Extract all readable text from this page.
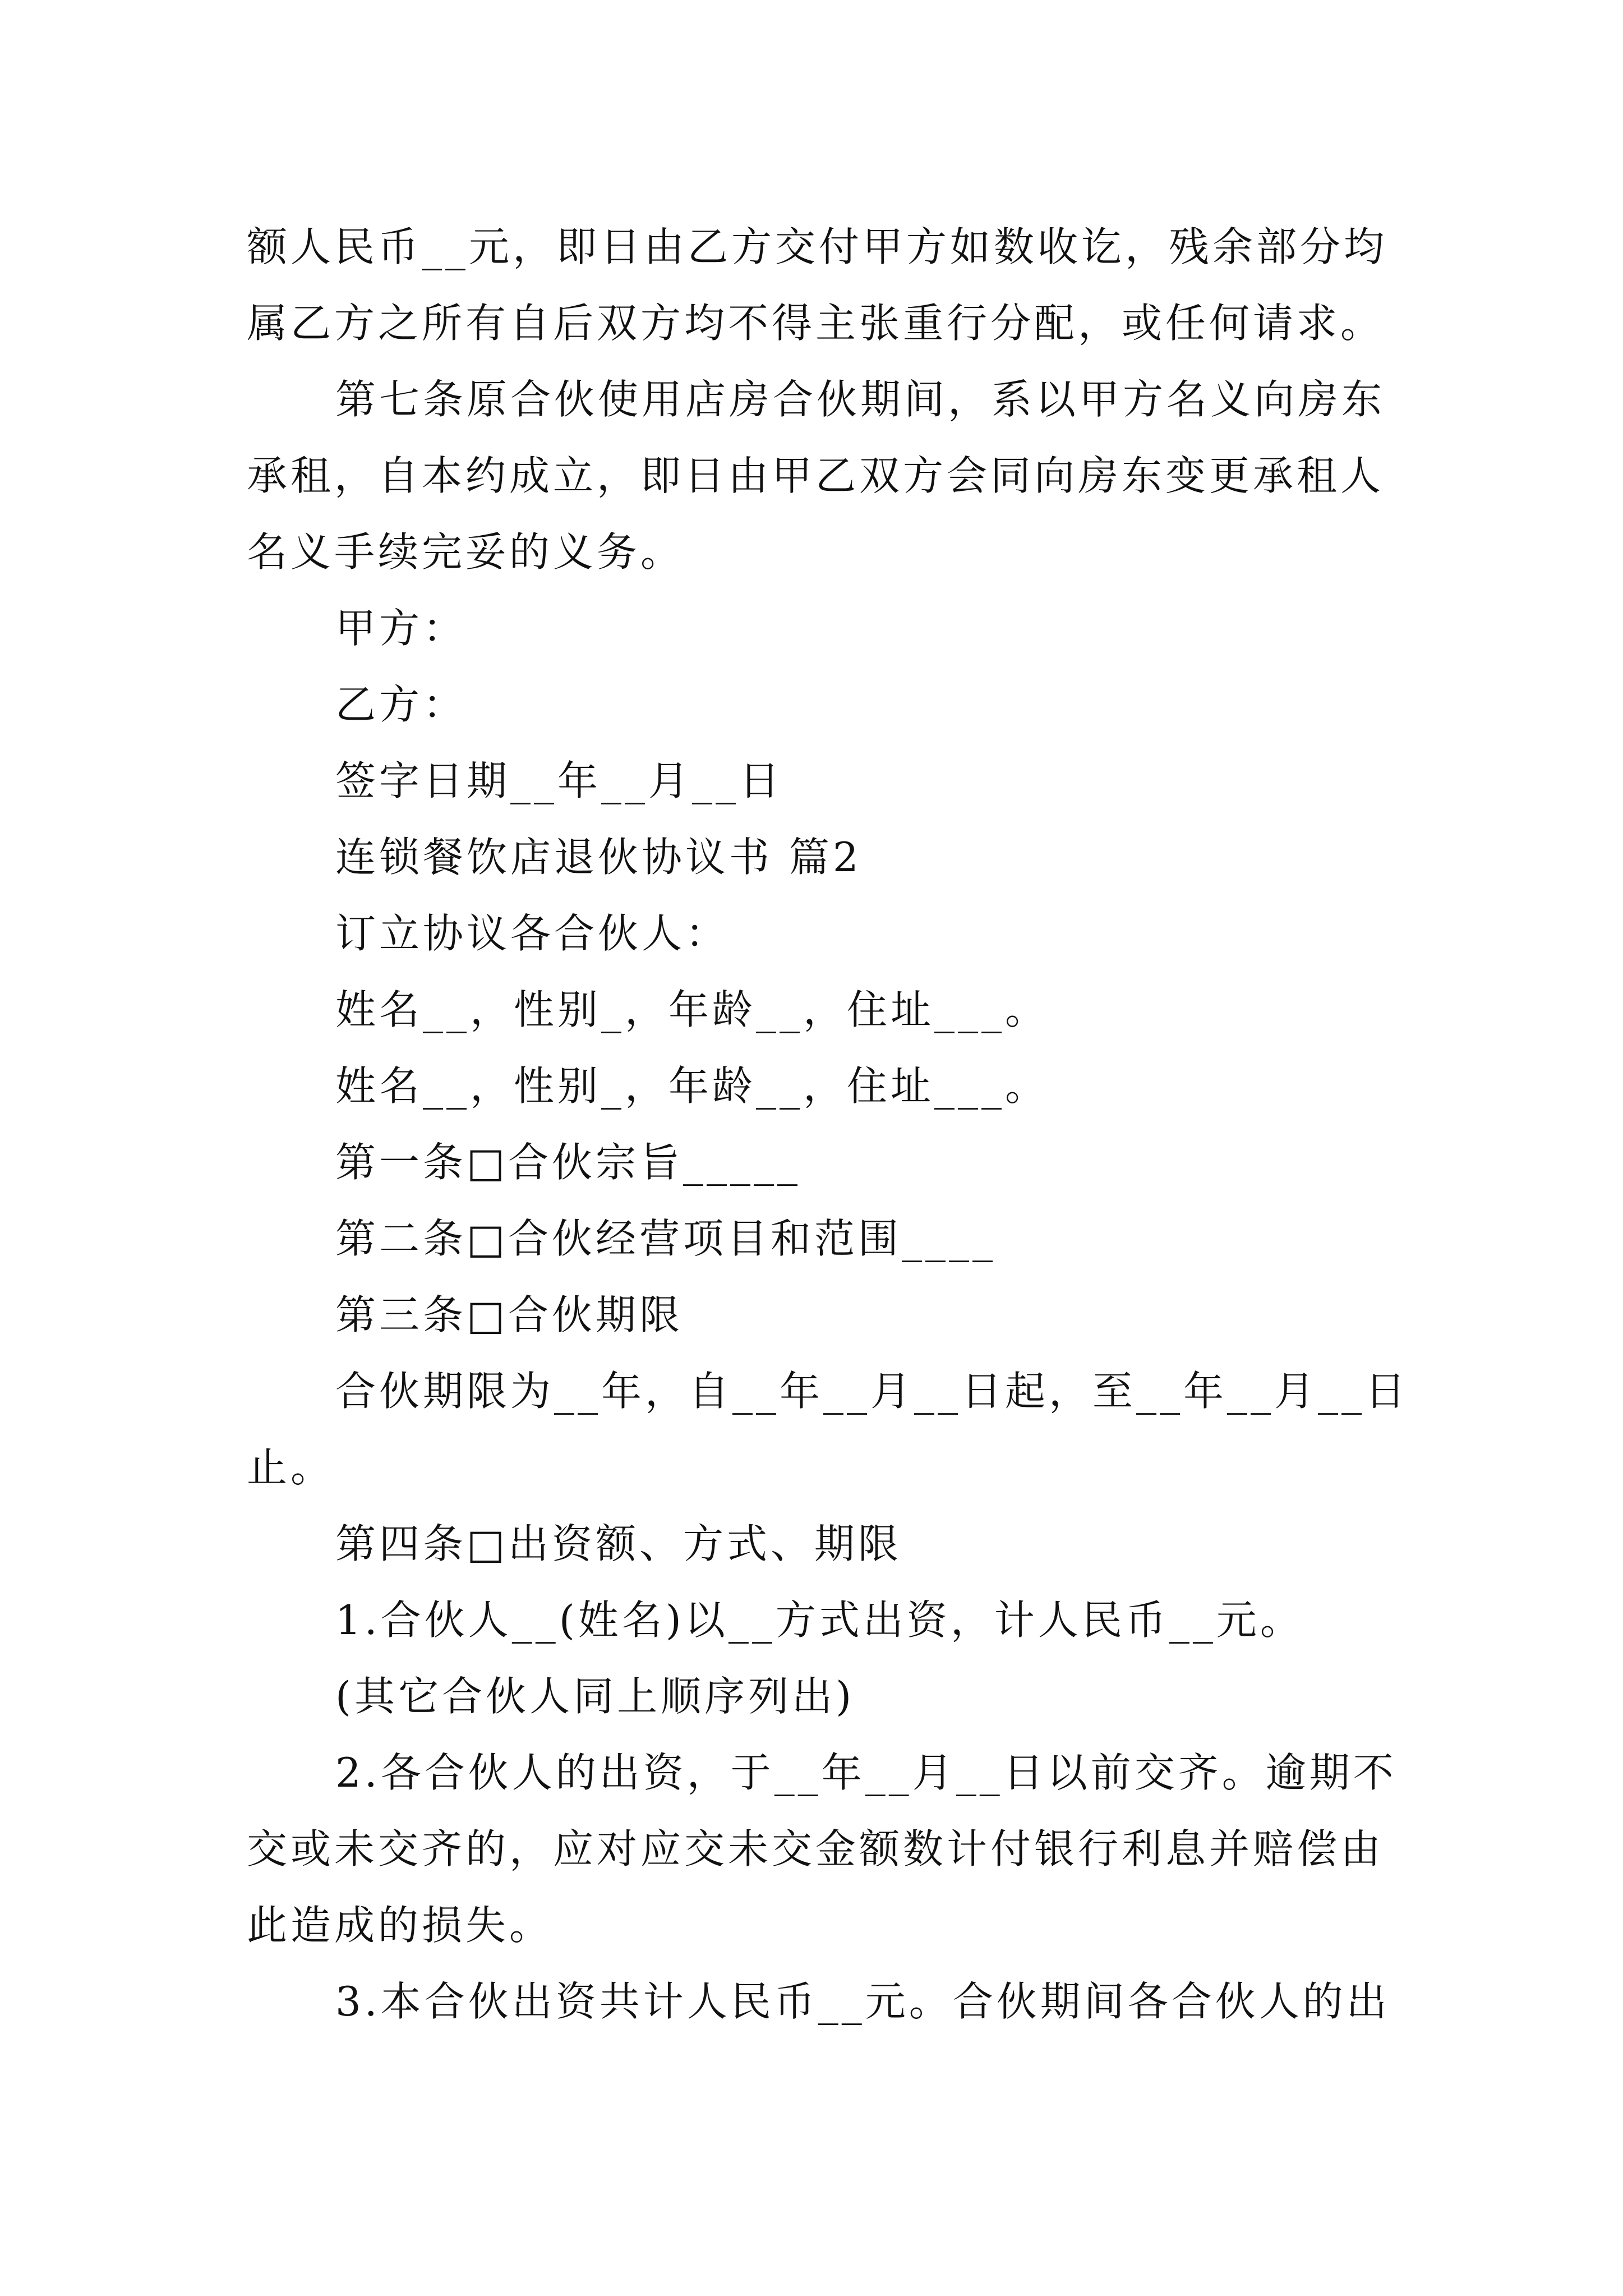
额人民币__元，即日由乙方交付甲方如数收讫，残余部分均
属乙方之所有自后双方均不得主张重行分配，或任何请求。
第七条原合伙使用店房合伙期间，系以甲方名义向房东
承租，自本约成立，即日由甲乙双方会同向房东变更承租人
名义手续完妥的义务。
甲方：
乙方：
签字日期__年__月__日
连锁餐饮店退伙协议书 篇2
订立协议各合伙人：
姓名__，性别_，年龄__，住址___。
姓名__，性别_，年龄__，住址___。
第一条□合伙宗旨_____
第二条□合伙经营项目和范围____
第三条□合伙期限
合伙期限为__年，自__年__月__日起，至__年__月__日
止。
第四条□出资额、方式、期限
1.合伙人__(姓名)以__方式出资，计人民币__元。
(其它合伙人同上顺序列出)
2.各合伙人的出资，于__年__月__日以前交齐。逾期不
交或未交齐的，应对应交未交金额数计付银行利息并赔偿由
此造成的损失。
3.本合伙出资共计人民币__元。合伙期间各合伙人的出
